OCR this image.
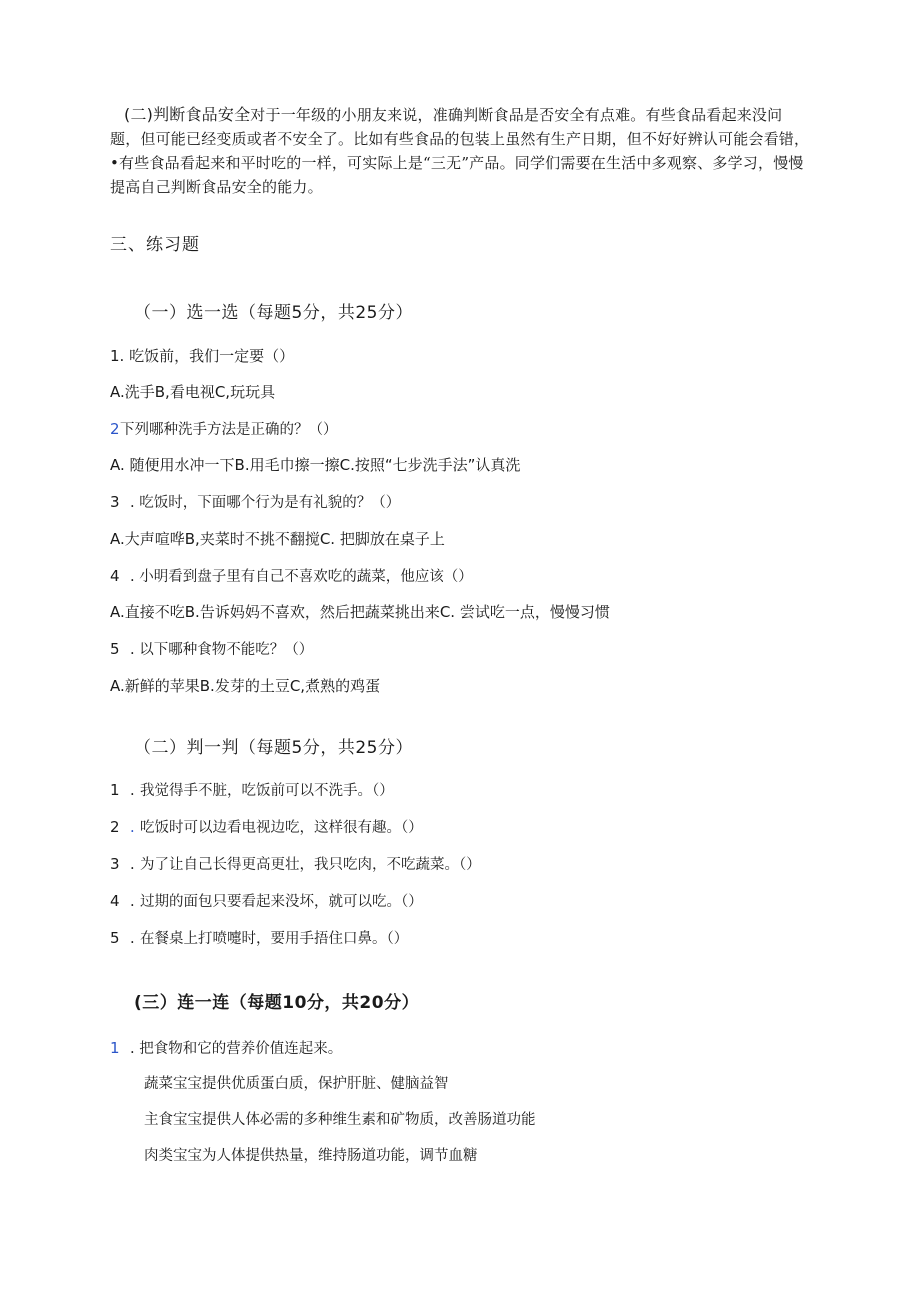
(二)判断食品安全对于一年级的小朋友来说，准确判断食品是否安全有点难。有些食品看起来没问题，但可能已经变质或者不安全了。比如有些食品的包装上虽然有生产日期，但不好好辨认可能会看错，•有些食品看起来和平时吃的一样，可实际上是“三无”产品。同学们需要在生活中多观察、多学习，慢慢提高自己判断食品安全的能力。
三、练习题
（一）选一选（每题5分，共25分）
1. 吃饭前，我们一定要（）
A.洗手B,看电视C,玩玩具
2下列哪种洗手方法是正确的？（）
A. 随便用水冲一下B.用毛巾擦一擦C.按照“七步洗手法”认真洗
3 . 吃饭时，下面哪个行为是有礼貌的？（）
A.大声喧哗B,夹菜时不挑不翻搅C. 把脚放在桌子上
4 . 小明看到盘子里有自己不喜欢吃的蔬菜，他应该（）
A.直接不吃B.告诉妈妈不喜欢，然后把蔬菜挑出来C. 尝试吃一点，慢慢习惯
5 . 以下哪种食物不能吃？（）
A.新鲜的苹果B.发芽的土豆C,煮熟的鸡蛋
（二）判一判（每题5分，共25分）
1 . 我觉得手不脏，吃饭前可以不洗手。（）
2 . 吃饭时可以边看电视边吃，这样很有趣。（）
3 . 为了让自己长得更高更壮，我只吃肉，不吃蔬菜。（）
4 . 过期的面包只要看起来没坏，就可以吃。（）
5 . 在餐桌上打喷嚏时，要用手捂住口鼻。（）
(三）连一连（每题10分，共20分）
1 . 把食物和它的营养价值连起来。
蔬菜宝宝提供优质蛋白质，保护肝脏、健脑益智
主食宝宝提供人体必需的多种维生素和矿物质，改善肠道功能
肉类宝宝为人体提供热量，维持肠道功能，调节血糖
